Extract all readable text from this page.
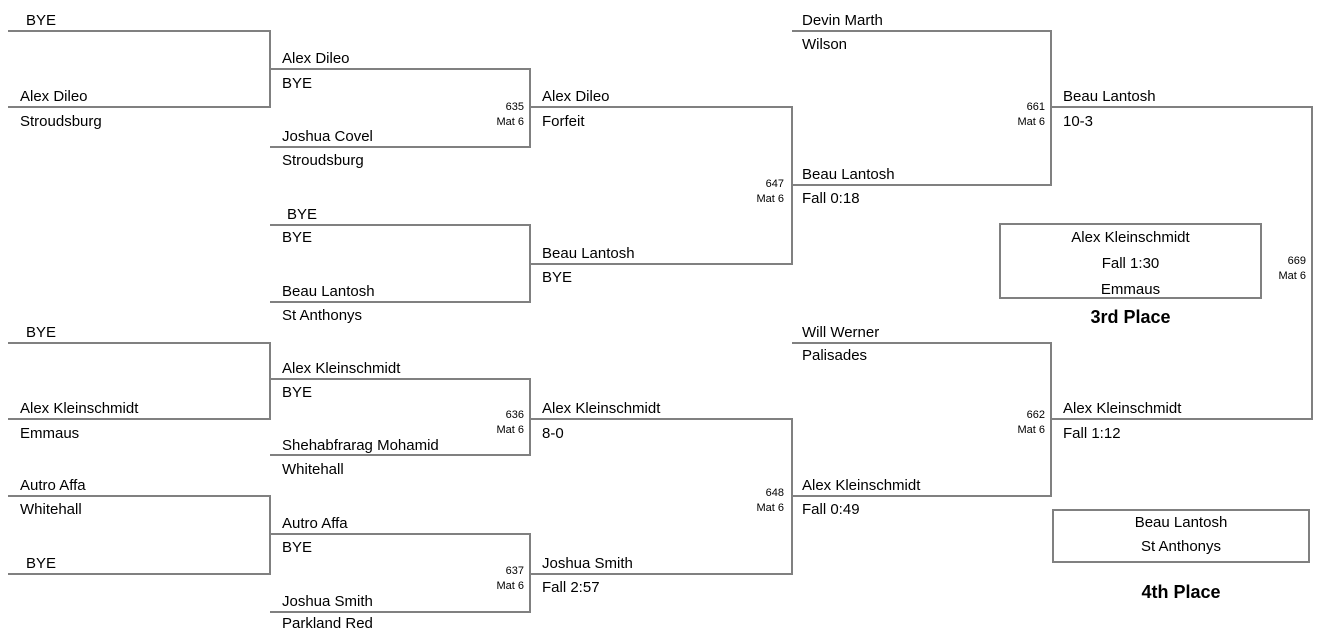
BYE
Alex Dileo
Stroudsburg
BYE
Alex Kleinschmidt
Emmaus
Autro Affa
Whitehall
BYE
Alex Dileo
BYE
Joshua Covel
Stroudsburg
BYE
BYE
Beau Lantosh
St Anthonys
Alex Kleinschmidt
BYE
Shehabfrarag Mohamid
Whitehall
Autro Affa
BYE
Joshua Smith
Parkland Red
Alex Dileo
Forfeit
Beau Lantosh
BYE
Alex Kleinschmidt
8-0
Joshua Smith
Fall 2:57
Devin Marth
Wilson
Beau Lantosh
Fall 0:18
Will Werner
Palisades
Alex Kleinschmidt
Fall 0:49
Beau Lantosh
10-3
Alex Kleinschmidt
Fall 1:12
635
Mat 6
636
Mat 6
637
Mat 6
647
Mat 6
648
Mat 6
661
Mat 6
662
Mat 6
669
Mat 6
Alex Kleinschmidt
Fall 1:30
Emmaus
3rd Place
Beau Lantosh
St Anthonys
4th Place
